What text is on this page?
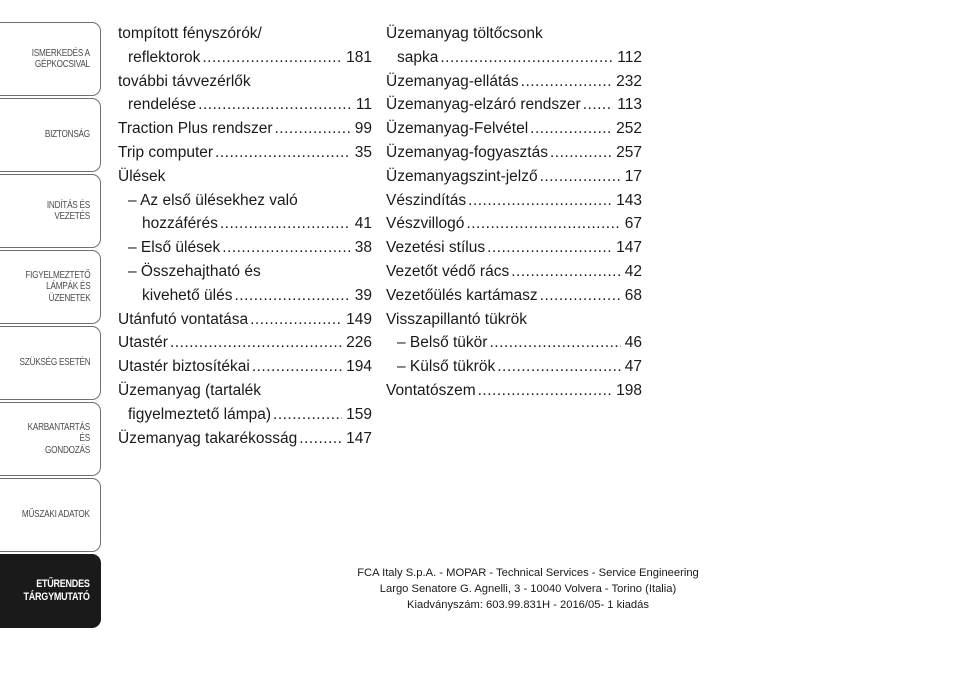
ISMERKEDÉS A
GÉPKOCSIVAL
BIZTONSÁG
INDÍTÁS ÉS VEZETÉS
FIGYELMEZTETŐ
LÁMPÁK ÉS
ÜZENETEK
SZÜKSÉG ESETÉN
KARBANTARTÁS ÉS
GONDOZÁS
MŰSZAKI ADATOK
ETŰRENDES
TÁRGYMUTATÓ
tompított fényszórók/
reflektorok .....	181
további távvezérlők
rendelése .....	11
Traction Plus rendszer .....	99
Trip computer .....	35
Ülések
– Az első ülésekhez való
hozzáférés .....	41
– Első ülések .....	38
– Összehajtható és
kivehető ülés .....	39
Utánfutó vontatása .....	149
Utastér .....	226
Utastér biztosítékai .....	194
Üzemanyag (tartalék
figyelmeztető lámpa) .....	159
Üzemanyag takarékosság .....	147
Üzemanyag töltőcsonk
sapka .....	112
Üzemanyag-ellátás .....	232
Üzemanyag-elzáró rendszer ..... 113
Üzemanyag-Felvétel .....	252
Üzemanyag-fogyasztás .....	257
Üzemanyagszint-jelző .....	17
Vészindítás .....	143
Vészvillogó .....	67
Vezetési stílus .....	147
Vezetőt védő rács .....	42
Vezetőülés kartámasz .....	68
Visszapillantó tükrök
– Belső tükör .....	46
– Külső tükrök .....	47
Vontatószem .....	198
FCA Italy S.p.A. - MOPAR - Technical Services - Service Engineering
Largo Senatore G. Agnelli, 3 - 10040 Volvera - Torino (Italia)
Kiadványszám: 603.99.831H - 2016/05- 1 kiadás
